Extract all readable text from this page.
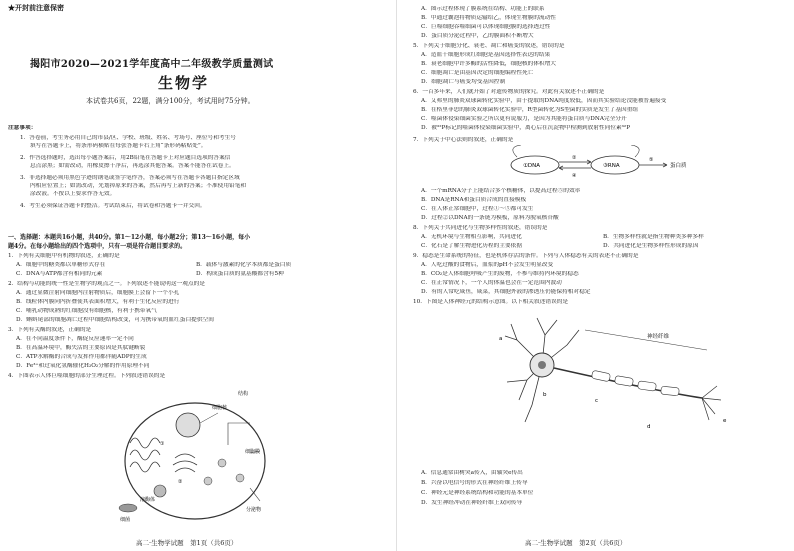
★开封前注意保密
揭阳市2020—2021学年度高中二年级教学质量测试
生物学
本试卷共6页，22题，满分100分，考试用时75分钟。
注意事项：
1．答卷前，考生务必用自己的市县/区、学校、班级、姓名、考场号、座位号和考生号
填写在答题卡上，将条形码横贴在每张答题卡右上角“条形码粘贴处”。
2．作答选择题时，选出每小题答案后，用2B铅笔在答题卡上对应题目选项的答案信
息点涂黑；如需改动，用橡皮擦干净后，再选涂其他答案。答案不能答在试卷上。
3．非选择题必须用黑色字迹的钢笔或签字笔作答，答案必须写在答题卡各题目指定区域
内相应位置上；如需改动，先划掉原来的答案，然后再写上新的答案；不准使用铅笔和
涂改液。不按以上要求作答无效。
4．考生必须保证答题卡的整洁。考试结束后，将试卷和答题卡一并交回。
一、选择题：本题共16小题，共40分。第1～12小题，每小题2分；第13～16小题，每小
题4分。在每小题给出的四个选项中，只有一项是符合题目要求的。
1．下列有关细胞中有机物的叙述，正确的是
A．细胞中的糖类都以单糖形式存在	B．载体与激素的化学本质都是蛋白质
C．DNA与ATP都含有相同的元素	D．构成蛋白质的氨基酸都含有5种
2．结构与功能的统一性是生物学的观点之一。下列叙述不能说明这一观点的是
A．通过显微注射向细胞内注射物质后，细胞膜上会留下一个小孔
B．线粒体内膜向内折叠使其表面积增大，有利于生化反应的进行
C．哺乳动物成熟的红细胞没有细胞核，有利于携带氧气
D．蝌蚪尾部的细胞凋亡过程中细胞结构改变，可为携带氧的血红蛋白提供空间
3．下列有关酶的叙述，正确的是
A．在不同温度条件下，酶促反应速率一定不同
B．在高温环境中，酶失活的主要原因是其肽键断裂
C．ATP水解酶的合成与发挥作用都伴随ADP的生成
D．Fe³⁺和过氧化氢酶催化H₂O₂分解的作用原理不同
4．下图表示人体巨噬细胞的部分生理过程。下列叙述错误的是
细胞核
结构
细胞膜
溶酶体
细菌
分泌物
①
②
高二·生物学试题　第1页（共6页）
A．图示过程体现了膜系统在结构、功能上的联系
B．甲通过囊泡将物质运输给乙，体现生物膜的流动性
C．巨噬细胞吞噬细菌可以体现细胞膜的选择透过性
D．蛋白质分泌过程中，乙的膜面积不断增大
5．下列关于细胞分化、衰老、凋亡和癌变的叙述，错误的是
A．造血干细胞形成红细胞是基因选择性表达的结果
B．衰老细胞中许多酶的活性降低，细胞核的体积增大
C．细胞凋亡是由基因决定的细胞编程性死亡
D．细胞凋亡与癌变均受基因控制
6．一百多年来，人们就开始了对遗传物质的探究。对此有关叙述不正确的是
A．艾弗里的肺炎双球菌转化实验中，由于提取的DNA纯度较低，因而其实验结论没能被普遍接受
B．在格里菲思的肺炎双球菌转化实验中，R型菌转化为S型菌的实质是发生了基因重组
C．噬菌体侵染细菌实验之所以更有说服力，是因为其能将蛋白质与DNA完全分开
D．被³²P标记的噬菌体侵染细菌实验中，离心后在沉淀物中检测到放射性同位素³²P
7．下列关于中心法则的叙述，正确的是
①DNA	③RNA	蛋白质
②
④
⑤
A．一个mRNA分子上能结合多个核糖体，以提高过程⑤的效率
B．DNA是RNA和蛋白质合成的直接模板
C．在人体正常细胞中，过程①～⑤都可发生
D．过程②以DNA的一条链为模板，原料为脱氧核苷酸
8．下列关于共同进化与生物多样性的叙述，错误的是
A．无机环境与生物相互影响，共同进化	B．生物多样性就是指生物种类多种多样
C．化石是了解生物进化历程的主要依据	D．共同进化是生物多样性形成的原因
9．稳态是生命系统的特征，也是机体存活的条件。下列与人体稳态有关的表述不正确的是
A．人吃过酸的食物后，血浆的pH不会发生明显改变
B．CO₂是人体细胞呼吸产生的废物，不参与维持内环境的稳态
C．在正常情况下，一个人的体温也会在一定范围内波动
D．有的人常吃咸鱼，咸菜，其细胞外液的渗透压仍能保持相对稳定
10．下图是人体神经元的结构示意图。以下相关叙述错误的是
神经纤维
a
b
c
d
e
A．信息通常由树突a传入，由轴突e传出
B．兴奋以电信号的形式在神经纤维上传导
C．神经元是神经系统结构和功能的基本单位
D．发生神经冲动在神经纤维上双向传导
高二·生物学试题　第2页（共6页）
